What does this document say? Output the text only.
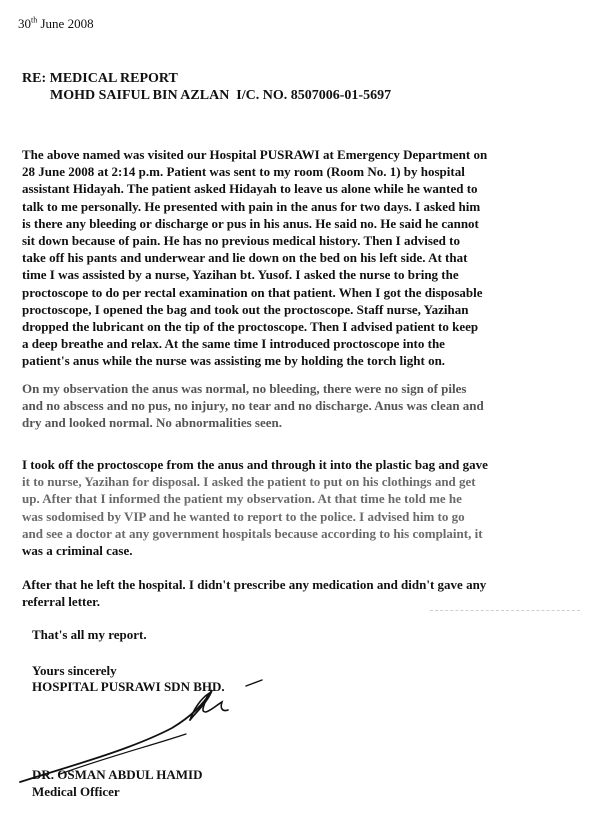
30th June 2008
RE: MEDICAL REPORT
MOHD SAIFUL BIN AZLAN  I/C. NO. 8507006-01-5697
The above named was visited our Hospital PUSRAWI at Emergency Department on
28 June 2008 at 2:14 p.m. Patient was sent to my room (Room No. 1) by hospital
assistant Hidayah. The patient asked Hidayah to leave us alone while he wanted to
talk to me personally. He presented with pain in the anus for two days. I asked him
is there any bleeding or discharge or pus in his anus. He said no. He said he cannot
sit down because of pain. He has no previous medical history. Then I advised to
take off his pants and underwear and lie down on the bed on his left side. At that
time I was assisted by a nurse, Yazihan bt. Yusof. I asked the nurse to bring the
proctoscope to do per rectal examination on that patient. When I got the disposable
proctoscope, I opened the bag and took out the proctoscope. Staff nurse, Yazihan
dropped the lubricant on the tip of the proctoscope. Then I advised patient to keep
a deep breathe and relax. At the same time I introduced proctoscope into the
patient's anus while the nurse was assisting me by holding the torch light on.
On my observation the anus was normal, no bleeding, there were no sign of piles
and no abscess and no pus, no injury, no tear and no discharge. Anus was clean and
dry and looked normal. No abnormalities seen.
I took off the proctoscope from the anus and through it into the plastic bag and gave
it to nurse, Yazihan for disposal. I asked the patient to put on his clothings and get
up. After that I informed the patient my observation. At that time he told me he
was sodomised by VIP and he wanted to report to the police. I advised him to go
and see a doctor at any government hospitals because according to his complaint, it
was a criminal case.
After that he left the hospital. I didn't prescribe any medication and didn't gave any
referral letter.
That's all my report.
Yours sincerely
HOSPITAL PUSRAWI SDN BHD.
DR. OSMAN ABDUL HAMID
Medical Officer
